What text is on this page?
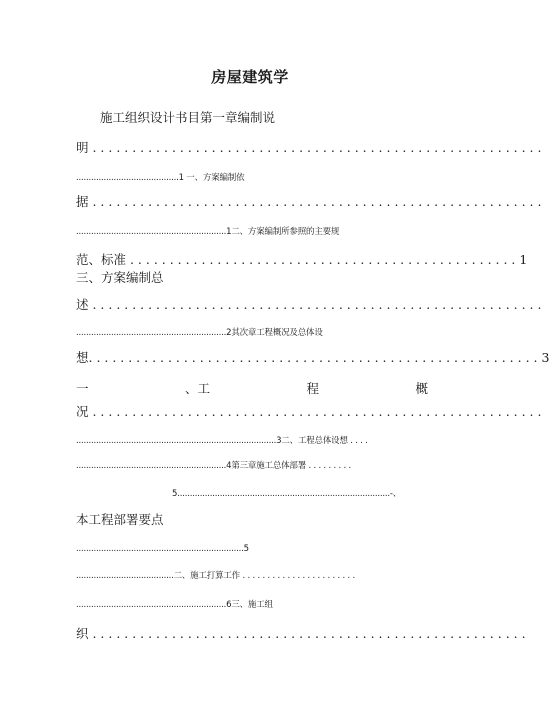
房屋建筑学
施工组织设计书目第一章编制说
明 . . . . . . . . . . . . . . . . . . . . . . . . . . . . . . . . . . . . . . . . . . . . . . . . . . . . . . . . .
.........................................1 一、方案编制依
据 . . . . . . . . . . . . . . . . . . . . . . . . . . . . . . . . . . . . . . . . . . . . . . . . . . . . . . . . .
............................................................1二、方案编制所参照的主要规
范、标准 . . . . . . . . . . . . . . . . . . . . . . . . . . . . . . . . . . . . . . . . . . . . . . . . . 1
三、方案编制总
述 . . . . . . . . . . . . . . . . . . . . . . . . . . . . . . . . . . . . . . . . . . . . . . . . . . . . . . . . .
............................................................2其次章工程概况及总体设
想. . . . . . . . . . . . . . . . . . . . . . . . . . . . . . . . . . . . . . . . . . . . . . . . . . . . . . . . . 3
一	、工	程	概
况 . . . . . . . . . . . . . . . . . . . . . . . . . . . . . . . . . . . . . . . . . . . . . . . . . . . . . . . . .
................................................................................3二、工程总体设想 . . . .
............................................................4第三章施工总体部署 . . . . . . . . .
5.....................................................................................-、
本工程部署要点
...................................................................5
.......................................二、施工打算工作 . . . . . . . . . . . . . . . . . . . . . . .
............................................................6三、施工组
织 . . . . . . . . . . . . . . . . . . . . . . . . . . . . . . . . . . . . . . . . . . . . . . . . . . . . . . .
